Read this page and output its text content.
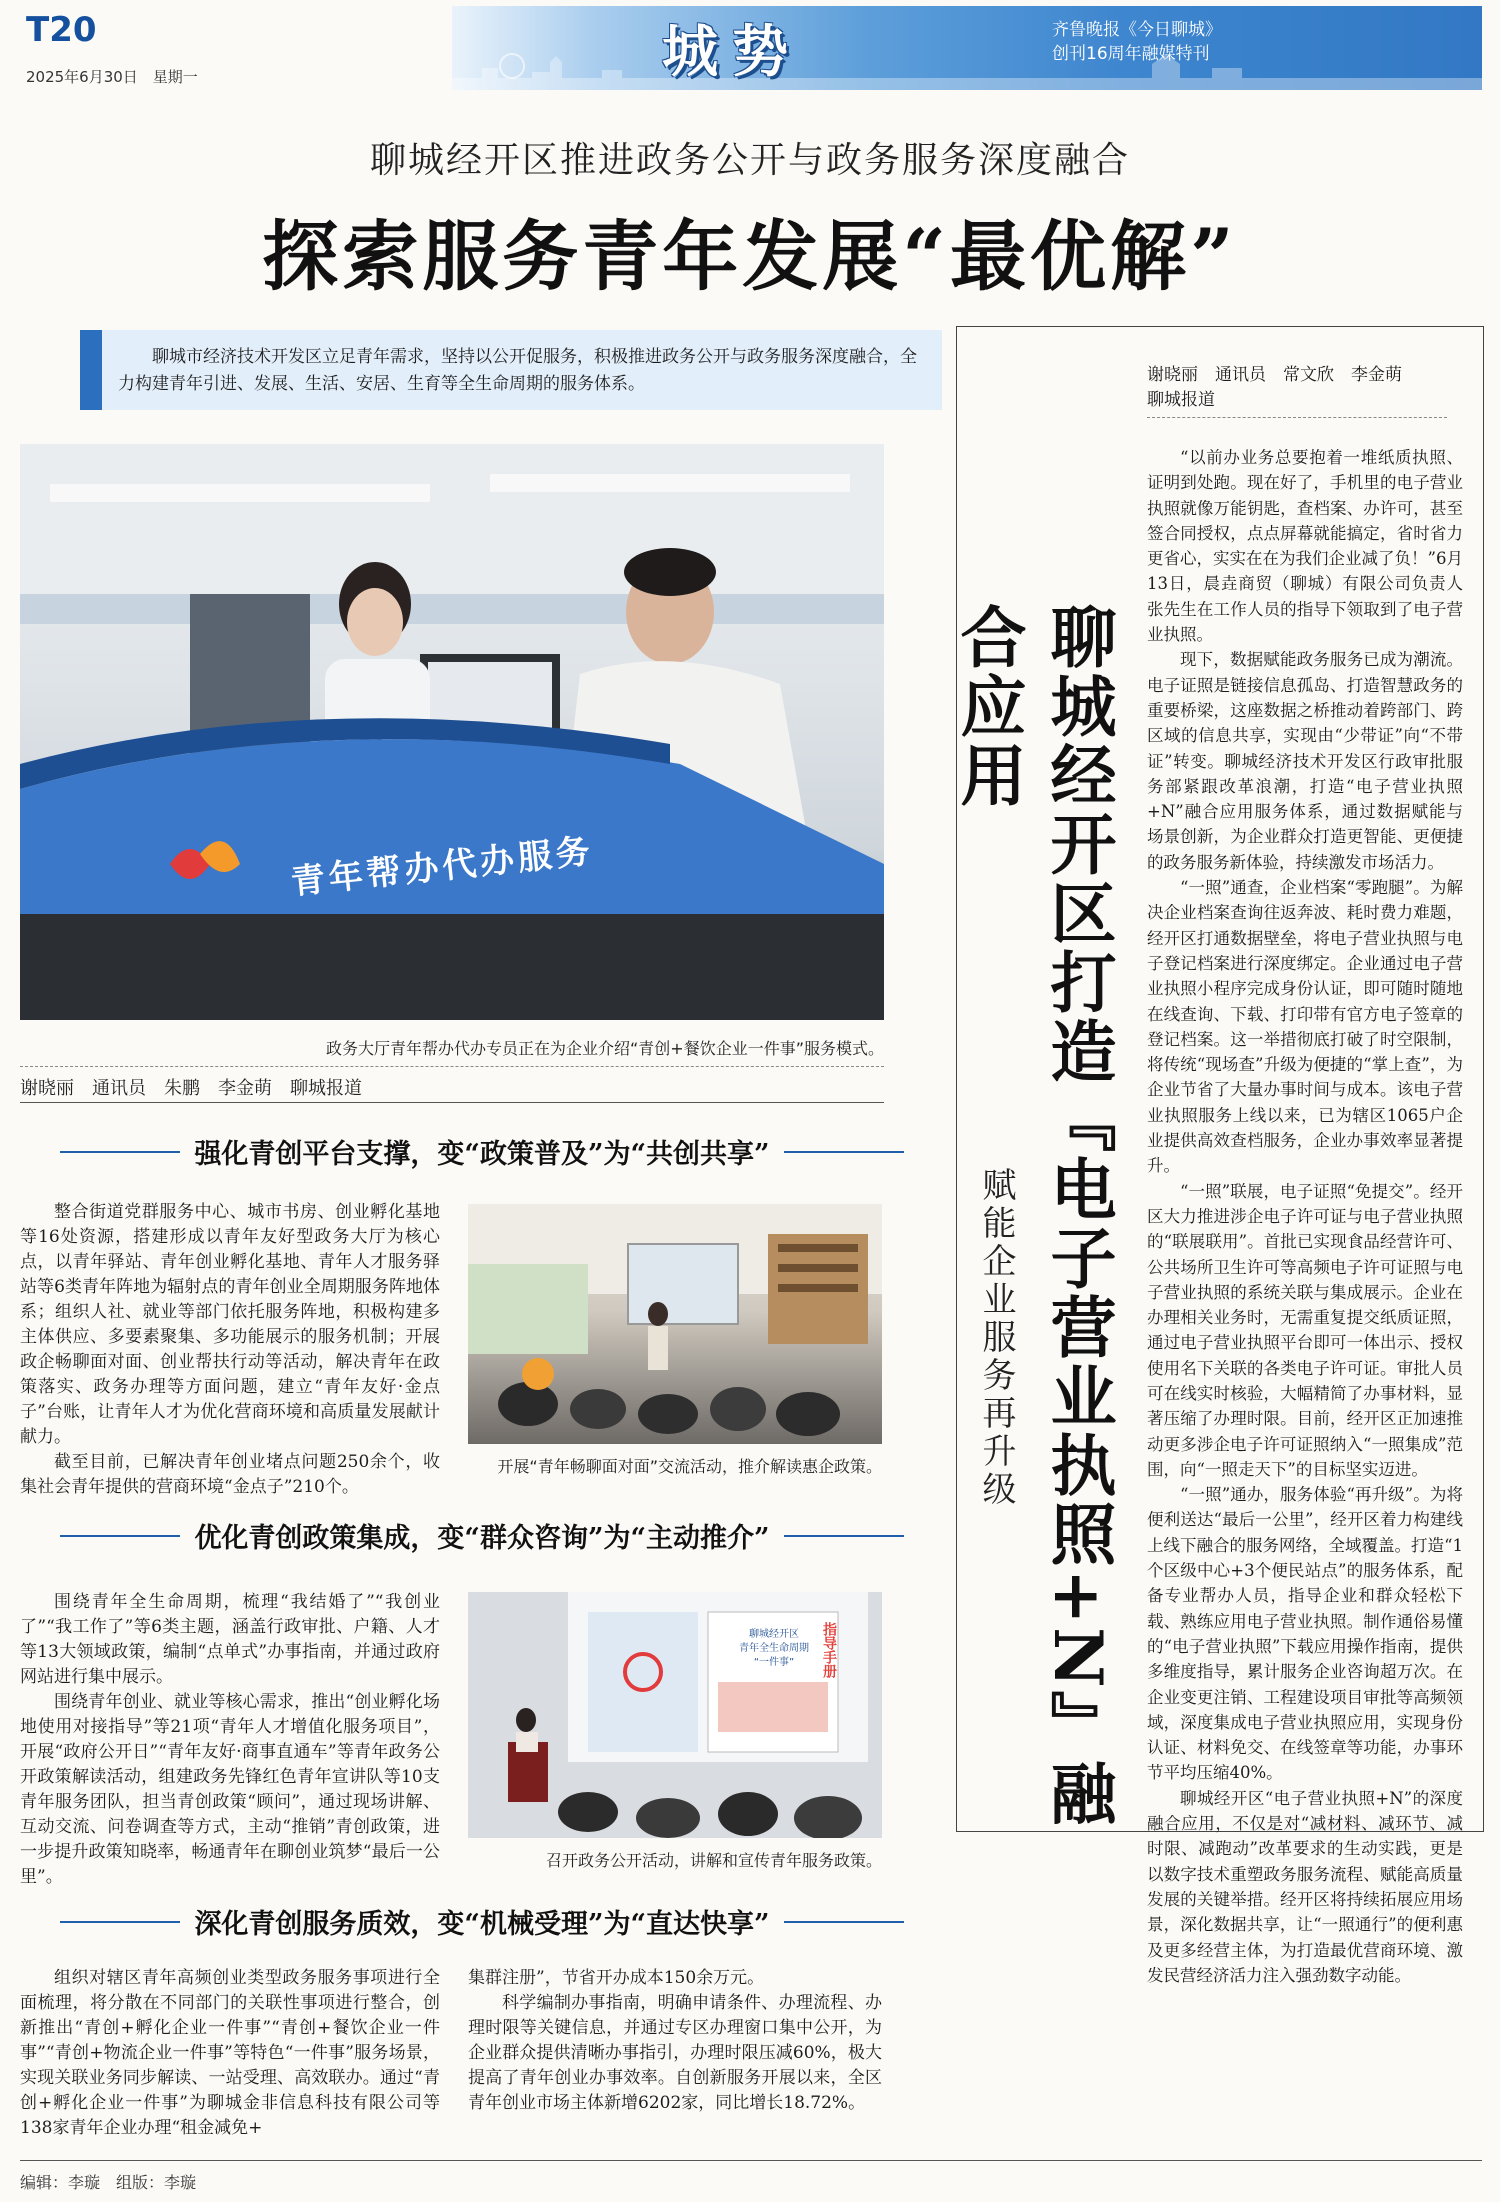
T20
2025年6月30日　星期一	城势	齐鲁晚报《今日聊城》
创刊16周年融媒特刊
聊城经开区推进政务公开与政务服务深度融合
探索服务青年发展“最优解”
聊城市经济技术开发区立足青年需求，坚持以公开促服务，积极推进政务公开与政务服务深度融合，全力构建青年引进、发展、生活、安居、生育等全生命周期的服务体系。
青年帮办代办服务
政务大厅青年帮办代办专员正在为企业介绍“青创+餐饮企业一件事”服务模式。
谢晓丽　通讯员　朱鹏　李金萌　聊城报道
强化青创平台支撑，变“政策普及”为“共创共享”

整合街道党群服务中心、城市书房、创业孵化基地等16处资源，搭建形成以青年友好型政务大厅为核心点，以青年驿站、青年创业孵化基地、青年人才服务驿站等6类青年阵地为辐射点的青年创业全周期服务阵地体系；组织人社、就业等部门依托服务阵地，积极构建多主体供应、多要素聚集、多功能展示的服务机制；开展政企畅聊面对面、创业帮扶行动等活动，解决青年在政策落实、政务办理等方面问题，建立“青年友好·金点子”台账，让青年人才为优化营商环境和高质量发展献计献力。

截至目前，已解决青年创业堵点问题250余个，收集社会青年提供的营商环境“金点子”210个。

开展“青年畅聊面对面”交流活动，推介解读惠企政策。
优化青创政策集成，变“群众咨询”为“主动推介”

围绕青年全生命周期，梳理“我结婚了”“我创业了”“我工作了”等6类主题，涵盖行政审批、户籍、人才等13大领域政策，编制“点单式”办事指南，并通过政府网站进行集中展示。

围绕青年创业、就业等核心需求，推出“创业孵化场地使用对接指导”等21项“青年人才增值化服务项目”，开展“政府公开日”“青年友好·商事直通车”等青年政务公开政策解读活动，组建政务先锋红色青年宣讲队等10支青年服务团队，担当青创政策“顾问”，通过现场讲解、互动交流、问卷调查等方式，主动“推销”青创政策，进一步提升政策知晓率，畅通青年在聊创业筑梦“最后一公里”。

聊城经开区
青年全生命周期
“一件事”	指导手册
召开政务公开活动，讲解和宣传青年服务政策。
深化青创服务质效，变“机械受理”为“直达快享”

组织对辖区青年高频创业类型政务服务事项进行全面梳理，将分散在不同部门的关联性事项进行整合，创新推出“青创+孵化企业一件事”“青创+餐饮企业一件事”“青创+物流企业一件事”等特色“一件事”服务场景，实现关联业务同步解读、一站受理、高效联办。通过“青创+孵化企业一件事”为聊城金非信息科技有限公司等138家青年企业办理“租金减免+

集群注册”，节省开办成本150余万元。

科学编制办事指南，明确申请条件、办理流程、办理时限等关键信息，并通过专区办理窗口集中公开，为企业群众提供清晰办事指引，办理时限压减60%，极大提高了青年创业办事效率。自创新服务开展以来，全区青年创业市场主体新增6202家，同比增长18.72%。

谢晓丽　通讯员　常文欣　李金萌
聊城报道
聊城经开区打造『电子营业执照+N』融合应用
赋能企业服务再升级

“以前办业务总要抱着一堆纸质执照、证明到处跑。现在好了，手机里的电子营业执照就像万能钥匙，查档案、办许可，甚至签合同授权，点点屏幕就能搞定，省时省力更省心，实实在在为我们企业减了负！”6月13日，晨垚商贸（聊城）有限公司负责人张先生在工作人员的指导下领取到了电子营业执照。

现下，数据赋能政务服务已成为潮流。电子证照是链接信息孤岛、打造智慧政务的重要桥梁，这座数据之桥推动着跨部门、跨区域的信息共享，实现由“少带证”向“不带证”转变。聊城经济技术开发区行政审批服务部紧跟改革浪潮，打造“电子营业执照+N”融合应用服务体系，通过数据赋能与场景创新，为企业群众打造更智能、更便捷的政务服务新体验，持续激发市场活力。

“一照”通查，企业档案“零跑腿”。为解决企业档案查询往返奔波、耗时费力难题，经开区打通数据壁垒，将电子营业执照与电子登记档案进行深度绑定。企业通过电子营业执照小程序完成身份认证，即可随时随地在线查询、下载、打印带有官方电子签章的登记档案。这一举措彻底打破了时空限制，将传统“现场查”升级为便捷的“掌上查”，为企业节省了大量办事时间与成本。该电子营业执照服务上线以来，已为辖区1065户企业提供高效查档服务，企业办事效率显著提升。

“一照”联展，电子证照“免提交”。经开区大力推进涉企电子许可证与电子营业执照的“联展联用”。首批已实现食品经营许可、公共场所卫生许可等高频电子许可证照与电子营业执照的系统关联与集成展示。企业在办理相关业务时，无需重复提交纸质证照，通过电子营业执照平台即可一体出示、授权使用名下关联的各类电子许可证。审批人员可在线实时核验，大幅精简了办事材料，显著压缩了办理时限。目前，经开区正加速推动更多涉企电子许可证照纳入“一照集成”范围，向“一照走天下”的目标坚实迈进。

“一照”通办，服务体验“再升级”。为将便利送达“最后一公里”，经开区着力构建线上线下融合的服务网络，全域覆盖。打造“1个区级中心+3个便民站点”的服务体系，配备专业帮办人员，指导企业和群众轻松下载、熟练应用电子营业执照。制作通俗易懂的“电子营业执照”下载应用操作指南，提供多维度指导，累计服务企业咨询超万次。在企业变更注销、工程建设项目审批等高频领域，深度集成电子营业执照应用，实现身份认证、材料免交、在线签章等功能，办事环节平均压缩40%。

聊城经开区“电子营业执照+N”的深度融合应用，不仅是对“减材料、减环节、减时限、减跑动”改革要求的生动实践，更是以数字技术重塑政务服务流程、赋能高质量发展的关键举措。经开区将持续拓展应用场景，深化数据共享，让“一照通行”的便利惠及更多经营主体，为打造最优营商环境、激发民营经济活力注入强劲数字动能。

编辑：李璇　组版：李璇
